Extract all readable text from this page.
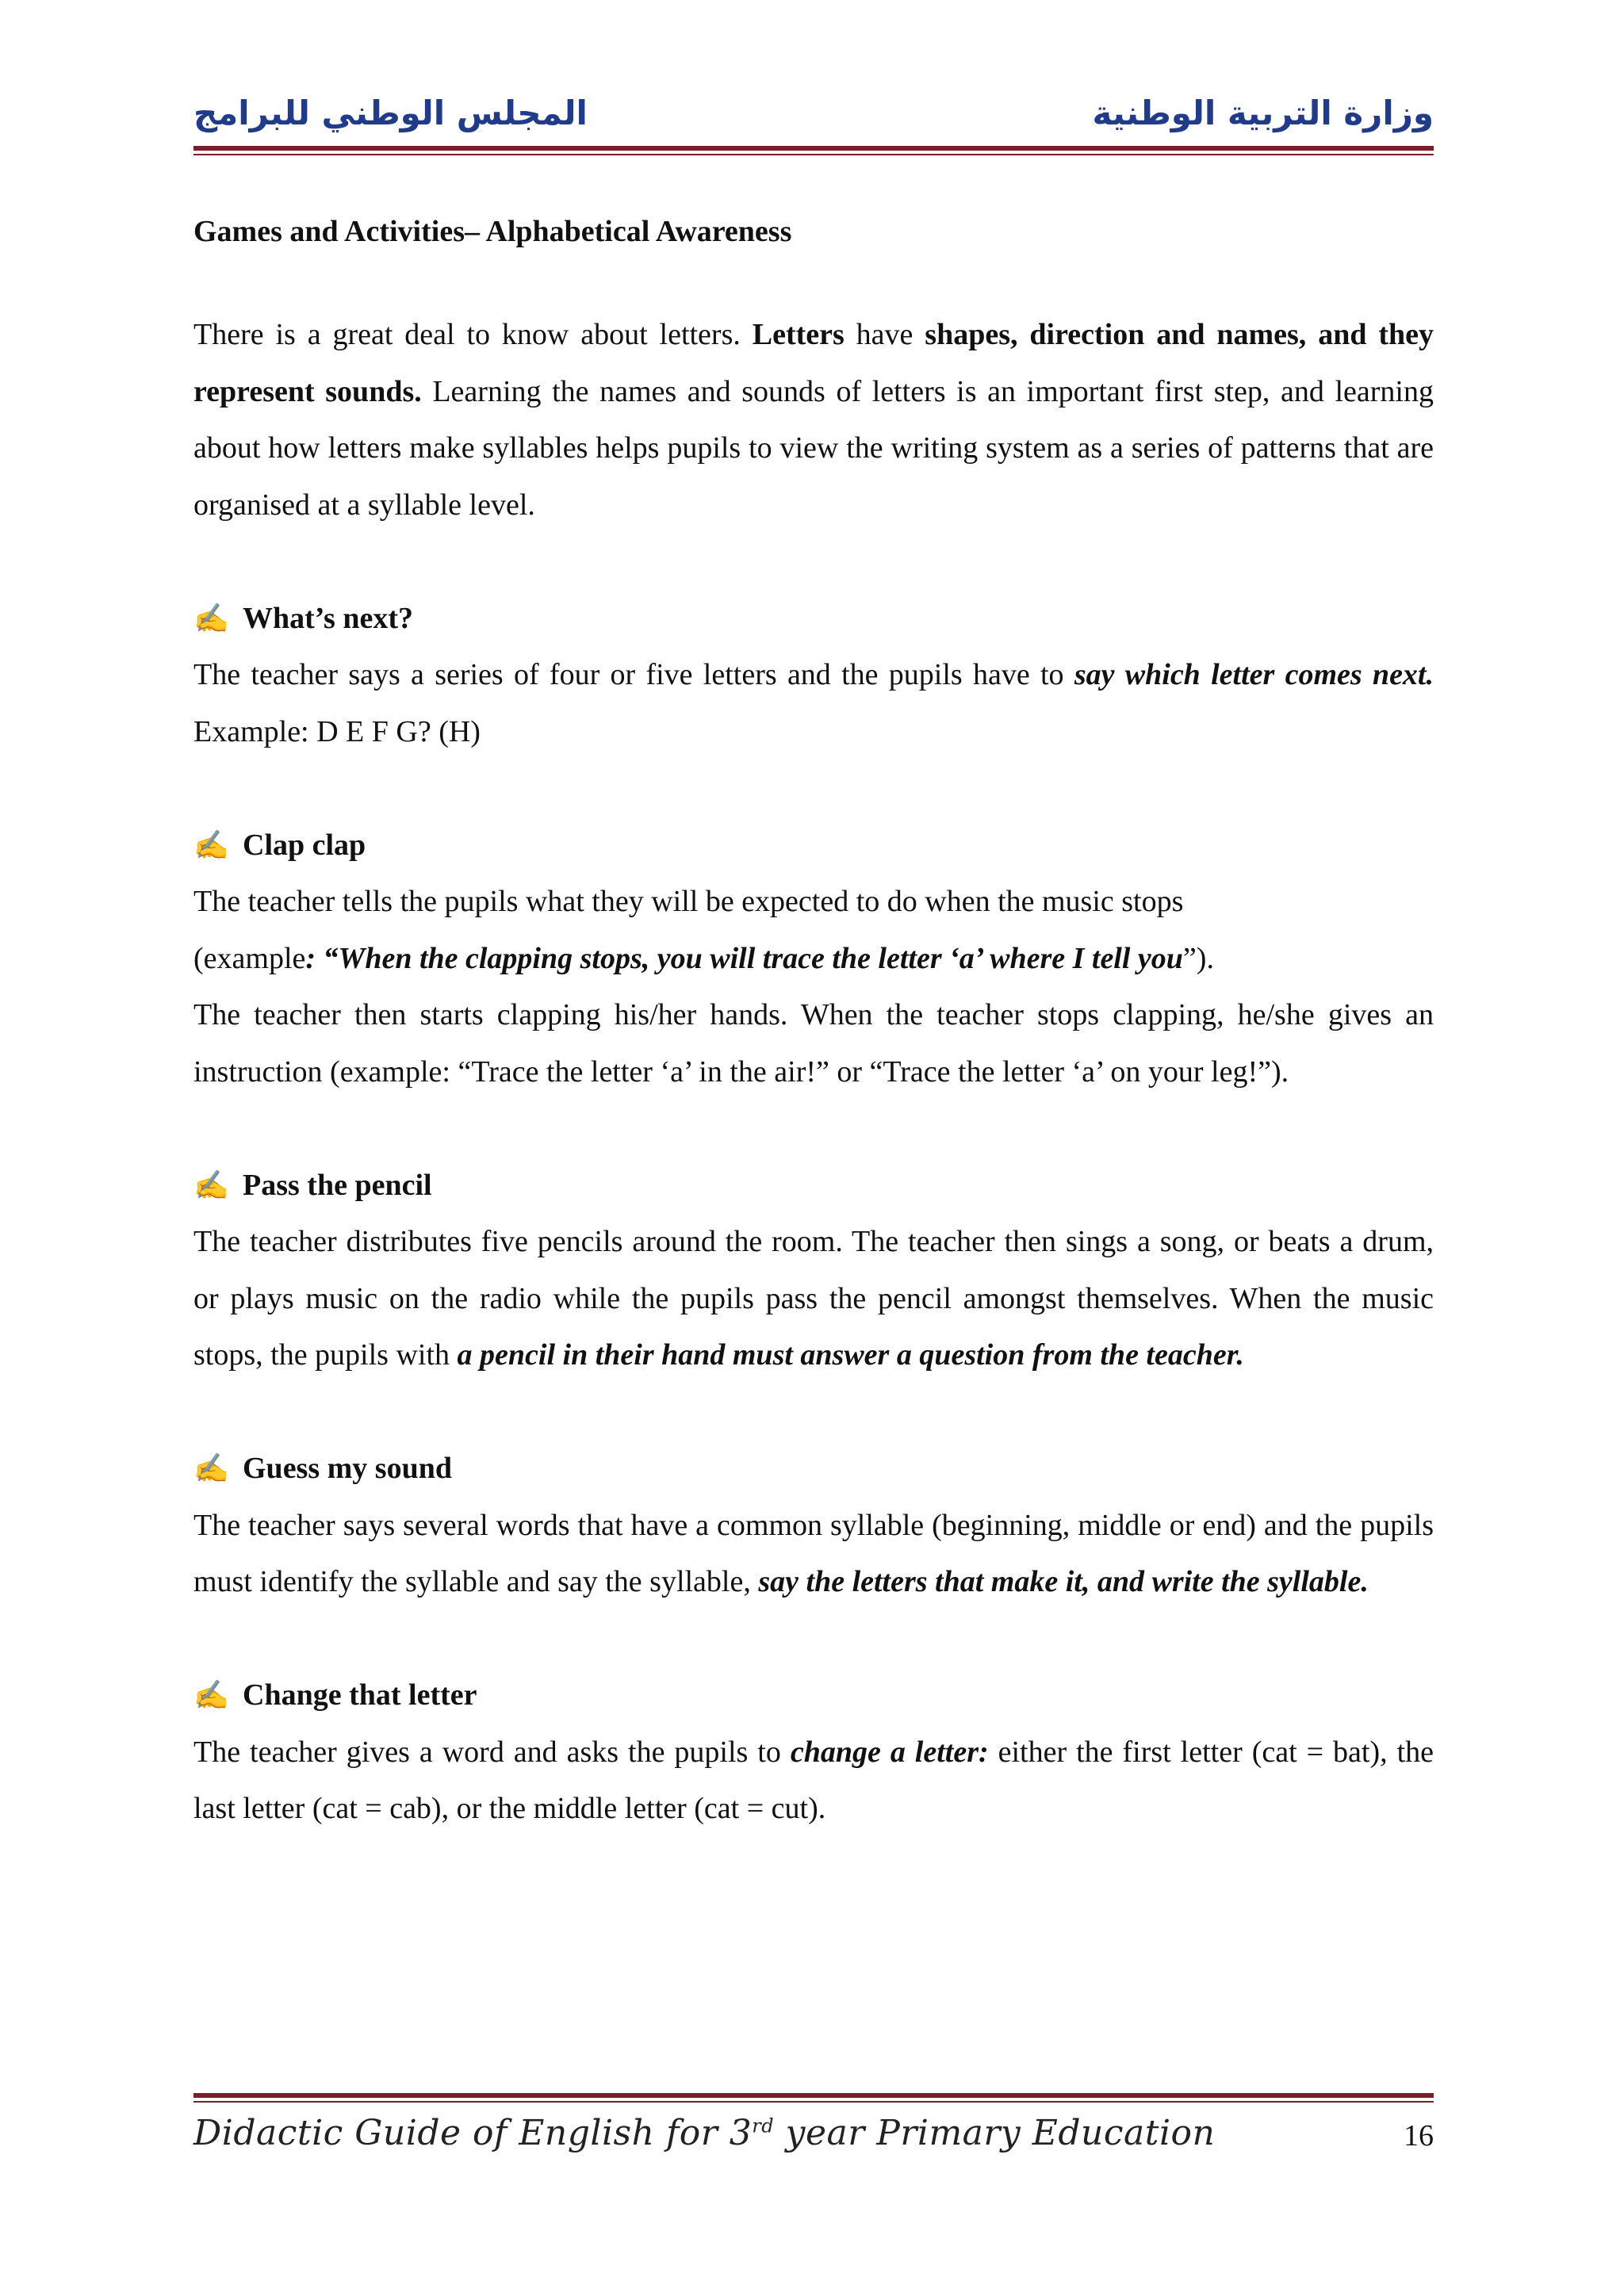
المجلس الوطني للبرامج	وزارة التربية الوطنية

Games and Activities– Alphabetical Awareness

There is a great deal to know about letters. Letters have shapes, direction and names, and they represent sounds. Learning the names and sounds of letters is an important first step, and learning about how letters make syllables helps pupils to view the writing system as a series of patterns that are organised at a syllable level.

✍ What’s next?

The teacher says a series of four or five letters and the pupils have to say which letter comes next. Example: D E F G? (H)

✍ Clap clap

The teacher tells the pupils what they will be expected to do when the music stops

(example: “When the clapping stops, you will trace the letter ‘a’ where I tell you”).

The teacher then starts clapping his/her hands. When the teacher stops clapping, he/she gives an instruction (example: “Trace the letter ‘a’ in the air!” or “Trace the letter ‘a’ on your leg!”).

✍ Pass the pencil

The teacher distributes five pencils around the room. The teacher then sings a song, or beats a drum, or plays music on the radio while the pupils pass the pencil amongst themselves. When the music stops, the pupils with a pencil in their hand must answer a question from the teacher.

✍ Guess my sound

The teacher says several words that have a common syllable (beginning, middle or end) and the pupils must identify the syllable and say the syllable, say the letters that make it, and write the syllable.

✍ Change that letter

The teacher gives a word and asks the pupils to change a letter: either the first letter (cat = bat), the last letter (cat = cab), or the middle letter (cat = cut).

Didactic Guide of English for 3rd year Primary Education	16
